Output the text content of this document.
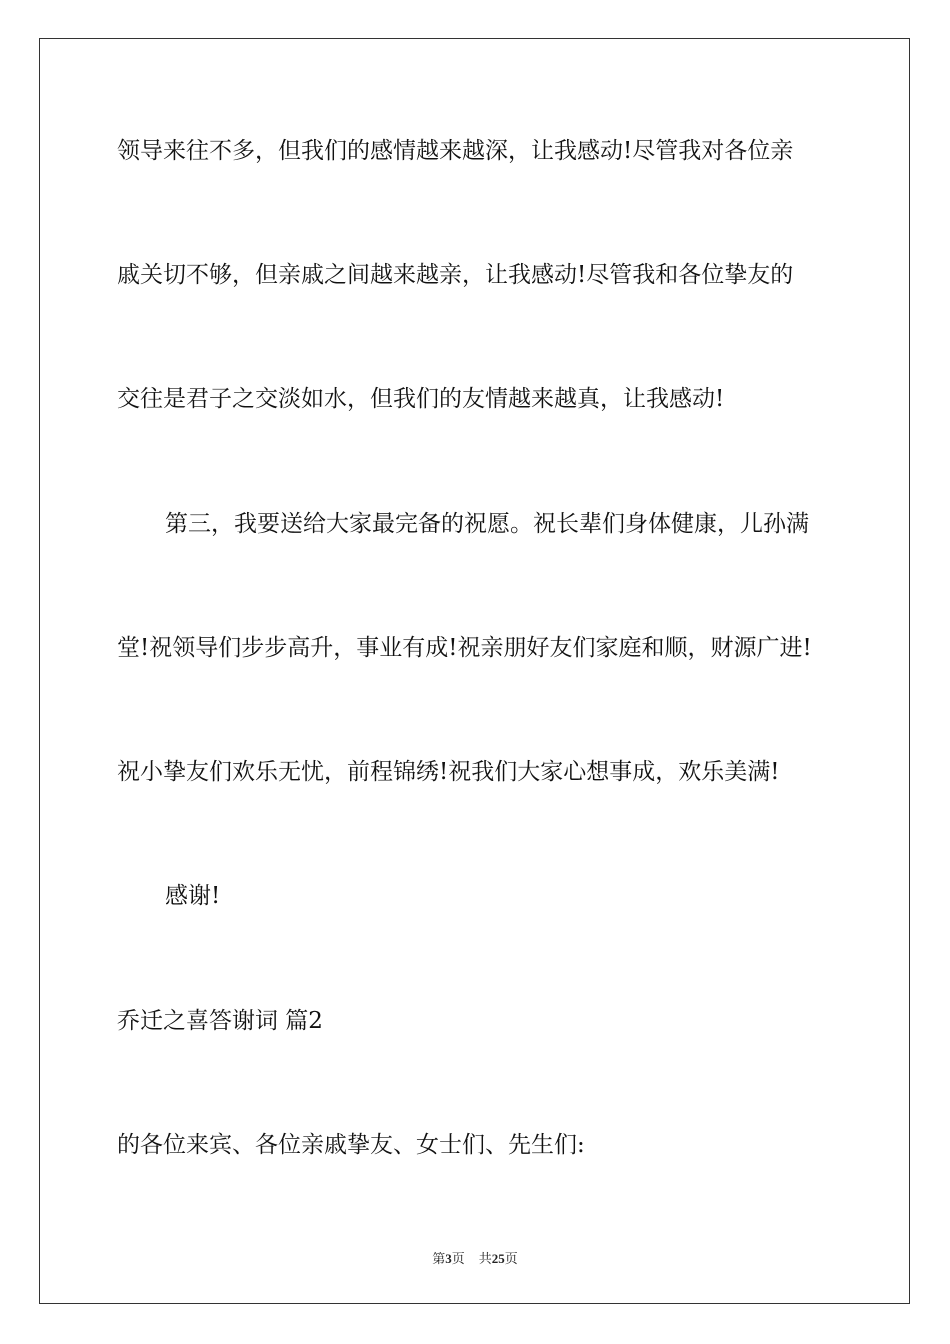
领导来往不多，但我们的感情越来越深，让我感动!尽管我对各位亲

戚关切不够，但亲戚之间越来越亲，让我感动!尽管我和各位挚友的

交往是君子之交淡如水，但我们的友情越来越真，让我感动!

第三，我要送给大家最完备的祝愿。祝长辈们身体健康，儿孙满

堂!祝领导们步步高升，事业有成!祝亲朋好友们家庭和顺，财源广进!

祝小挚友们欢乐无忧，前程锦绣!祝我们大家心想事成，欢乐美满!

感谢!

乔迁之喜答谢词 篇2

的各位来宾、各位亲戚挚友、女士们、先生们:

第3页 共25页
